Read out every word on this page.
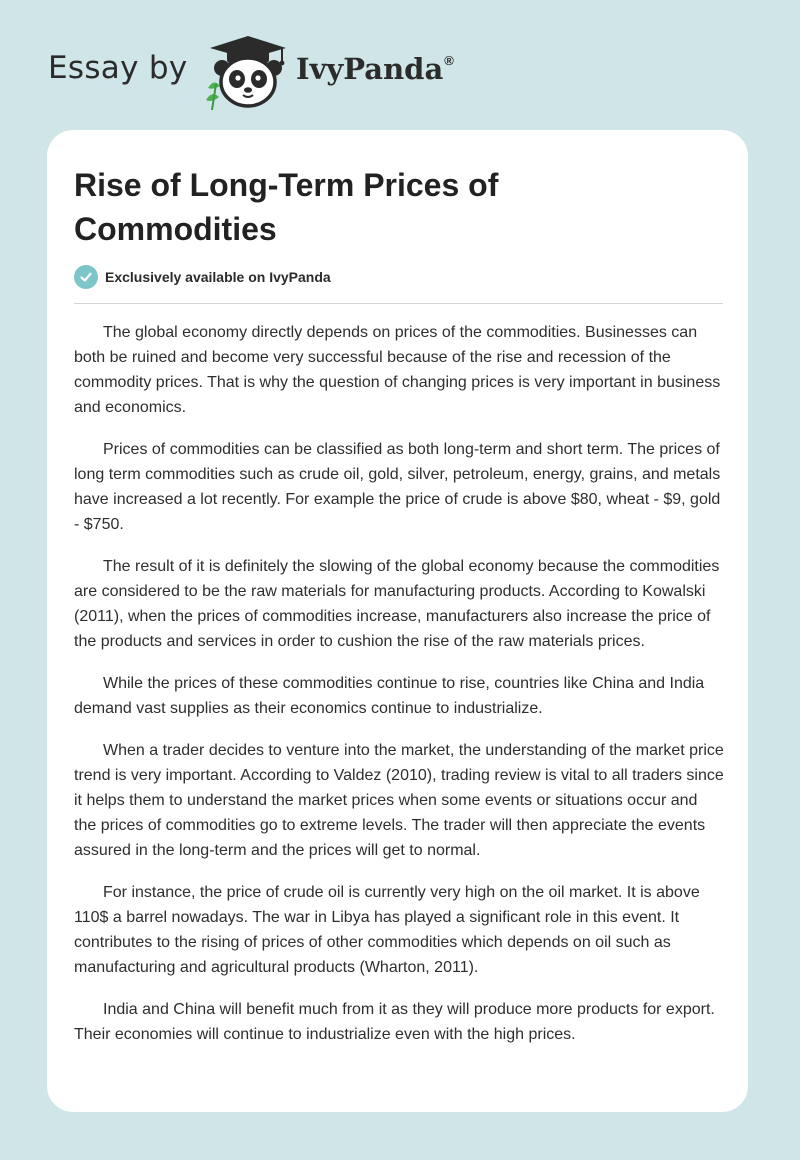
Essay by	IvyPanda®
Rise of Long-Term Prices of Commodities
Exclusively available on IvyPanda

The global economy directly depends on prices of the commodities. Businesses can both be ruined and become very successful because of the rise and recession of the commodity prices. That is why the question of changing prices is very important in business and economics.

Prices of commodities can be classified as both long-term and short term. The prices of long term commodities such as crude oil, gold, silver, petroleum, energy, grains, and metals have increased a lot recently. For example the price of crude is above $80, wheat - $9, gold - $750.

The result of it is definitely the slowing of the global economy because the commodities are considered to be the raw materials for manufacturing products. According to Kowalski (2011), when the prices of commodities increase, manufacturers also increase the price of the products and services in order to cushion the rise of the raw materials prices.

While the prices of these commodities continue to rise, countries like China and India demand vast supplies as their economics continue to industrialize.

When a trader decides to venture into the market, the understanding of the market price trend is very important. According to Valdez (2010), trading review is vital to all traders since it helps them to understand the market prices when some events or situations occur and the prices of commodities go to extreme levels. The trader will then appreciate the events assured in the long-term and the prices will get to normal.

For instance, the price of crude oil is currently very high on the oil market. It is above 110$ a barrel nowadays. The war in Libya has played a significant role in this event. It contributes to the rising of prices of other commodities which depends on oil such as manufacturing and agricultural products (Wharton, 2011).

India and China will benefit much from it as they will produce more products for export. Their economies will continue to industrialize even with the high prices.
